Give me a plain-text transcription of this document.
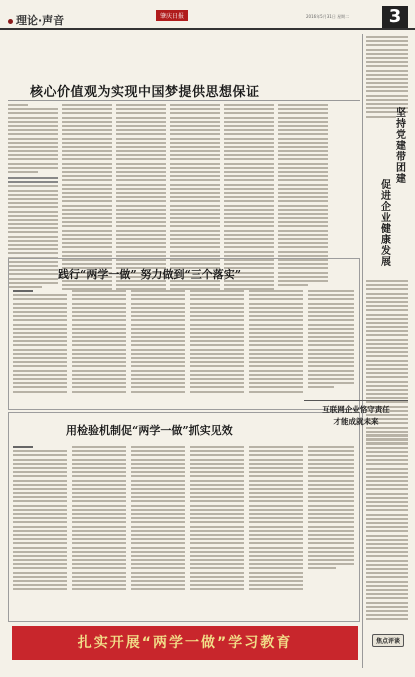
理论·声音	肇庆日报	2016年5月31日 星期二	3
核心价值观为实现中国梦提供思想保证
践行“两学一做” 努力做到“三个落实”
用检验机制促“两学一做”抓实见效
扎实开展“两学一做”学习教育
坚持党建带团建
促进企业健康发展
互联网企业恪守责任
才能成就未来
焦点评谈
